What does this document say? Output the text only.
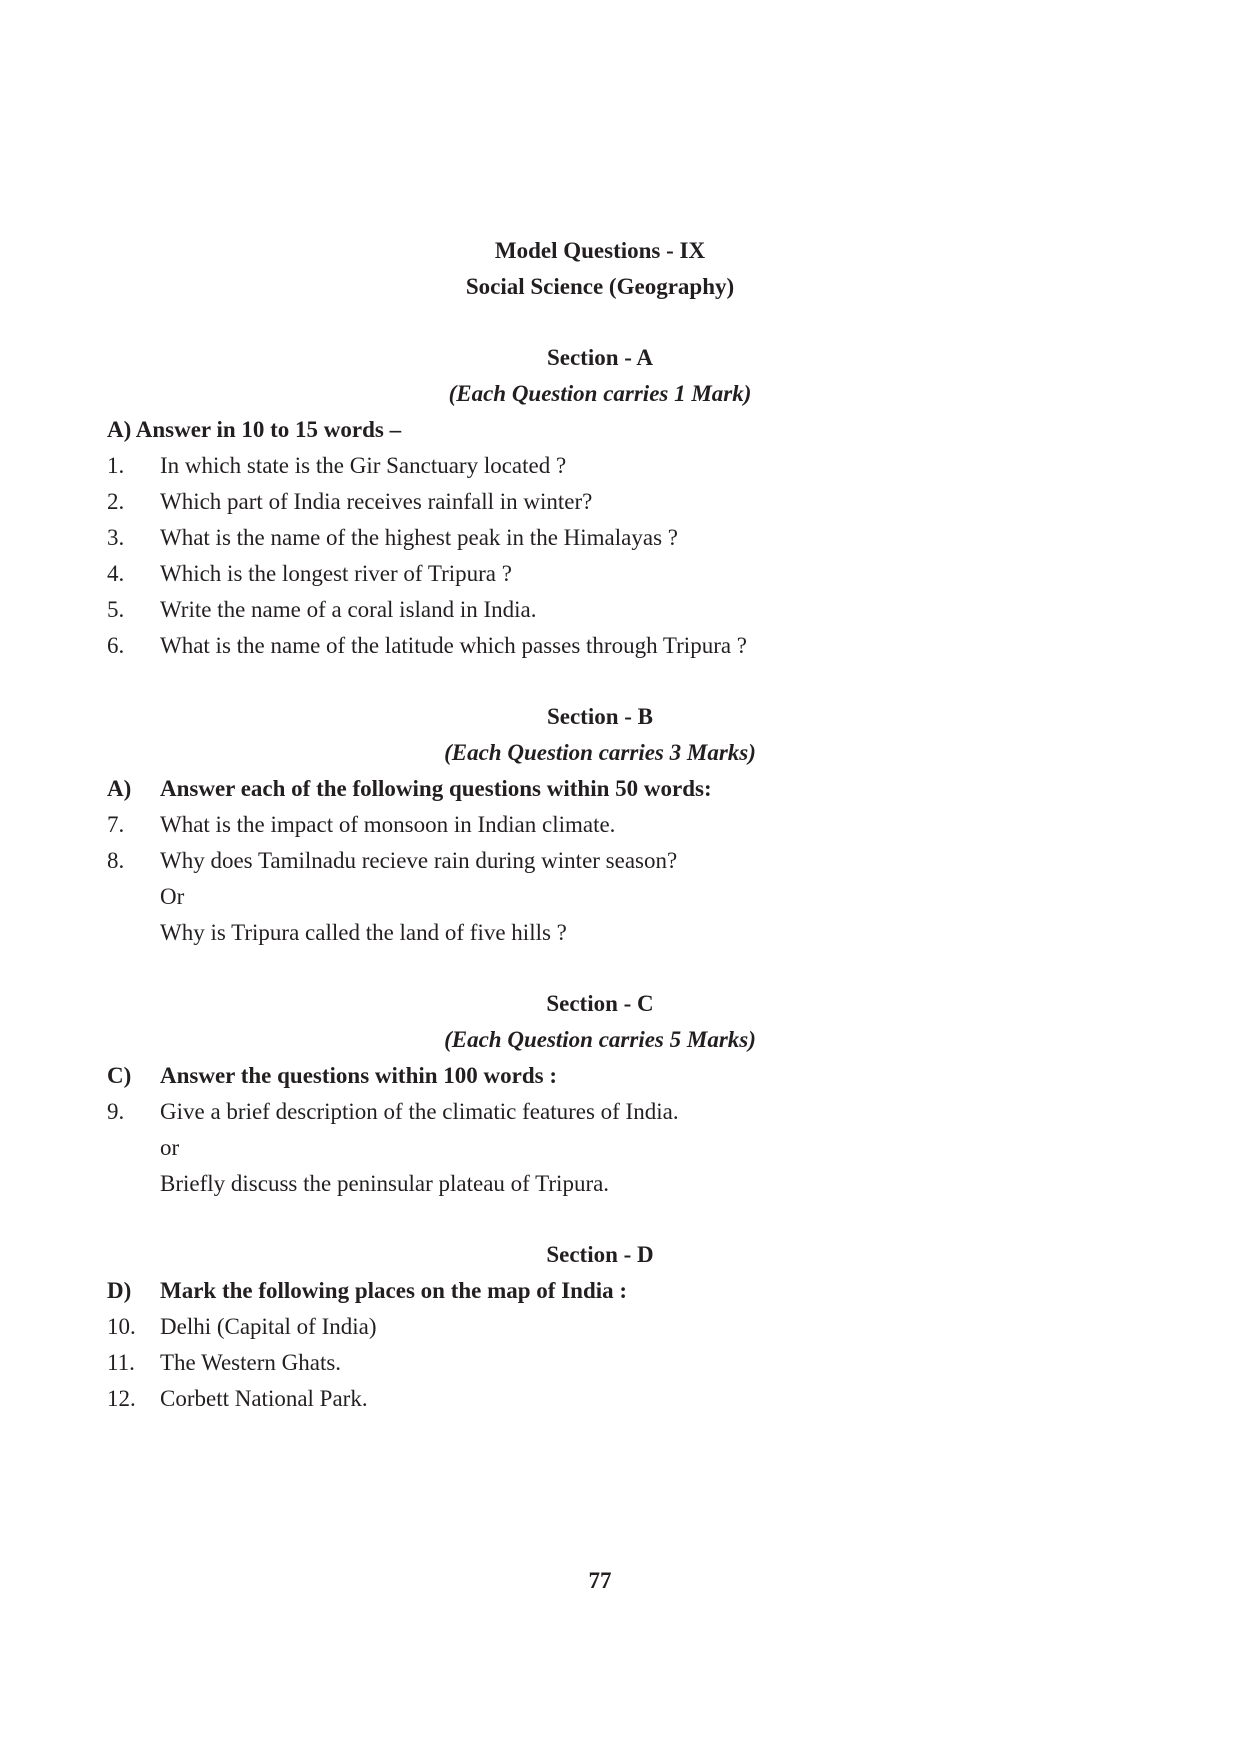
Model Questions - IX
Social Science (Geography)
Section - A
(Each Question carries 1 Mark)
A) Answer in 10 to 15 words –
1. In which state is the Gir Sanctuary located ?
2. Which part of India receives rainfall in winter?
3. What is the name of the highest peak in the Himalayas ?
4. Which is the longest river of Tripura ?
5. Write the name of a coral island in India.
6. What is the name of the latitude which passes through Tripura ?
Section - B
(Each Question carries 3 Marks)
A) Answer each of the following questions within 50 words:
7. What is the impact of monsoon in Indian climate.
8. Why does Tamilnadu recieve rain during winter season?
Or
Why is Tripura called the land of five hills ?
Section - C
(Each Question carries 5 Marks)
C) Answer the questions within 100 words :
9. Give a brief description of the climatic features of India.
or
Briefly discuss the peninsular plateau of Tripura.
Section - D
D) Mark the following places on the map of India :
10. Delhi (Capital of India)
11. The Western Ghats.
12. Corbett National Park.
77
